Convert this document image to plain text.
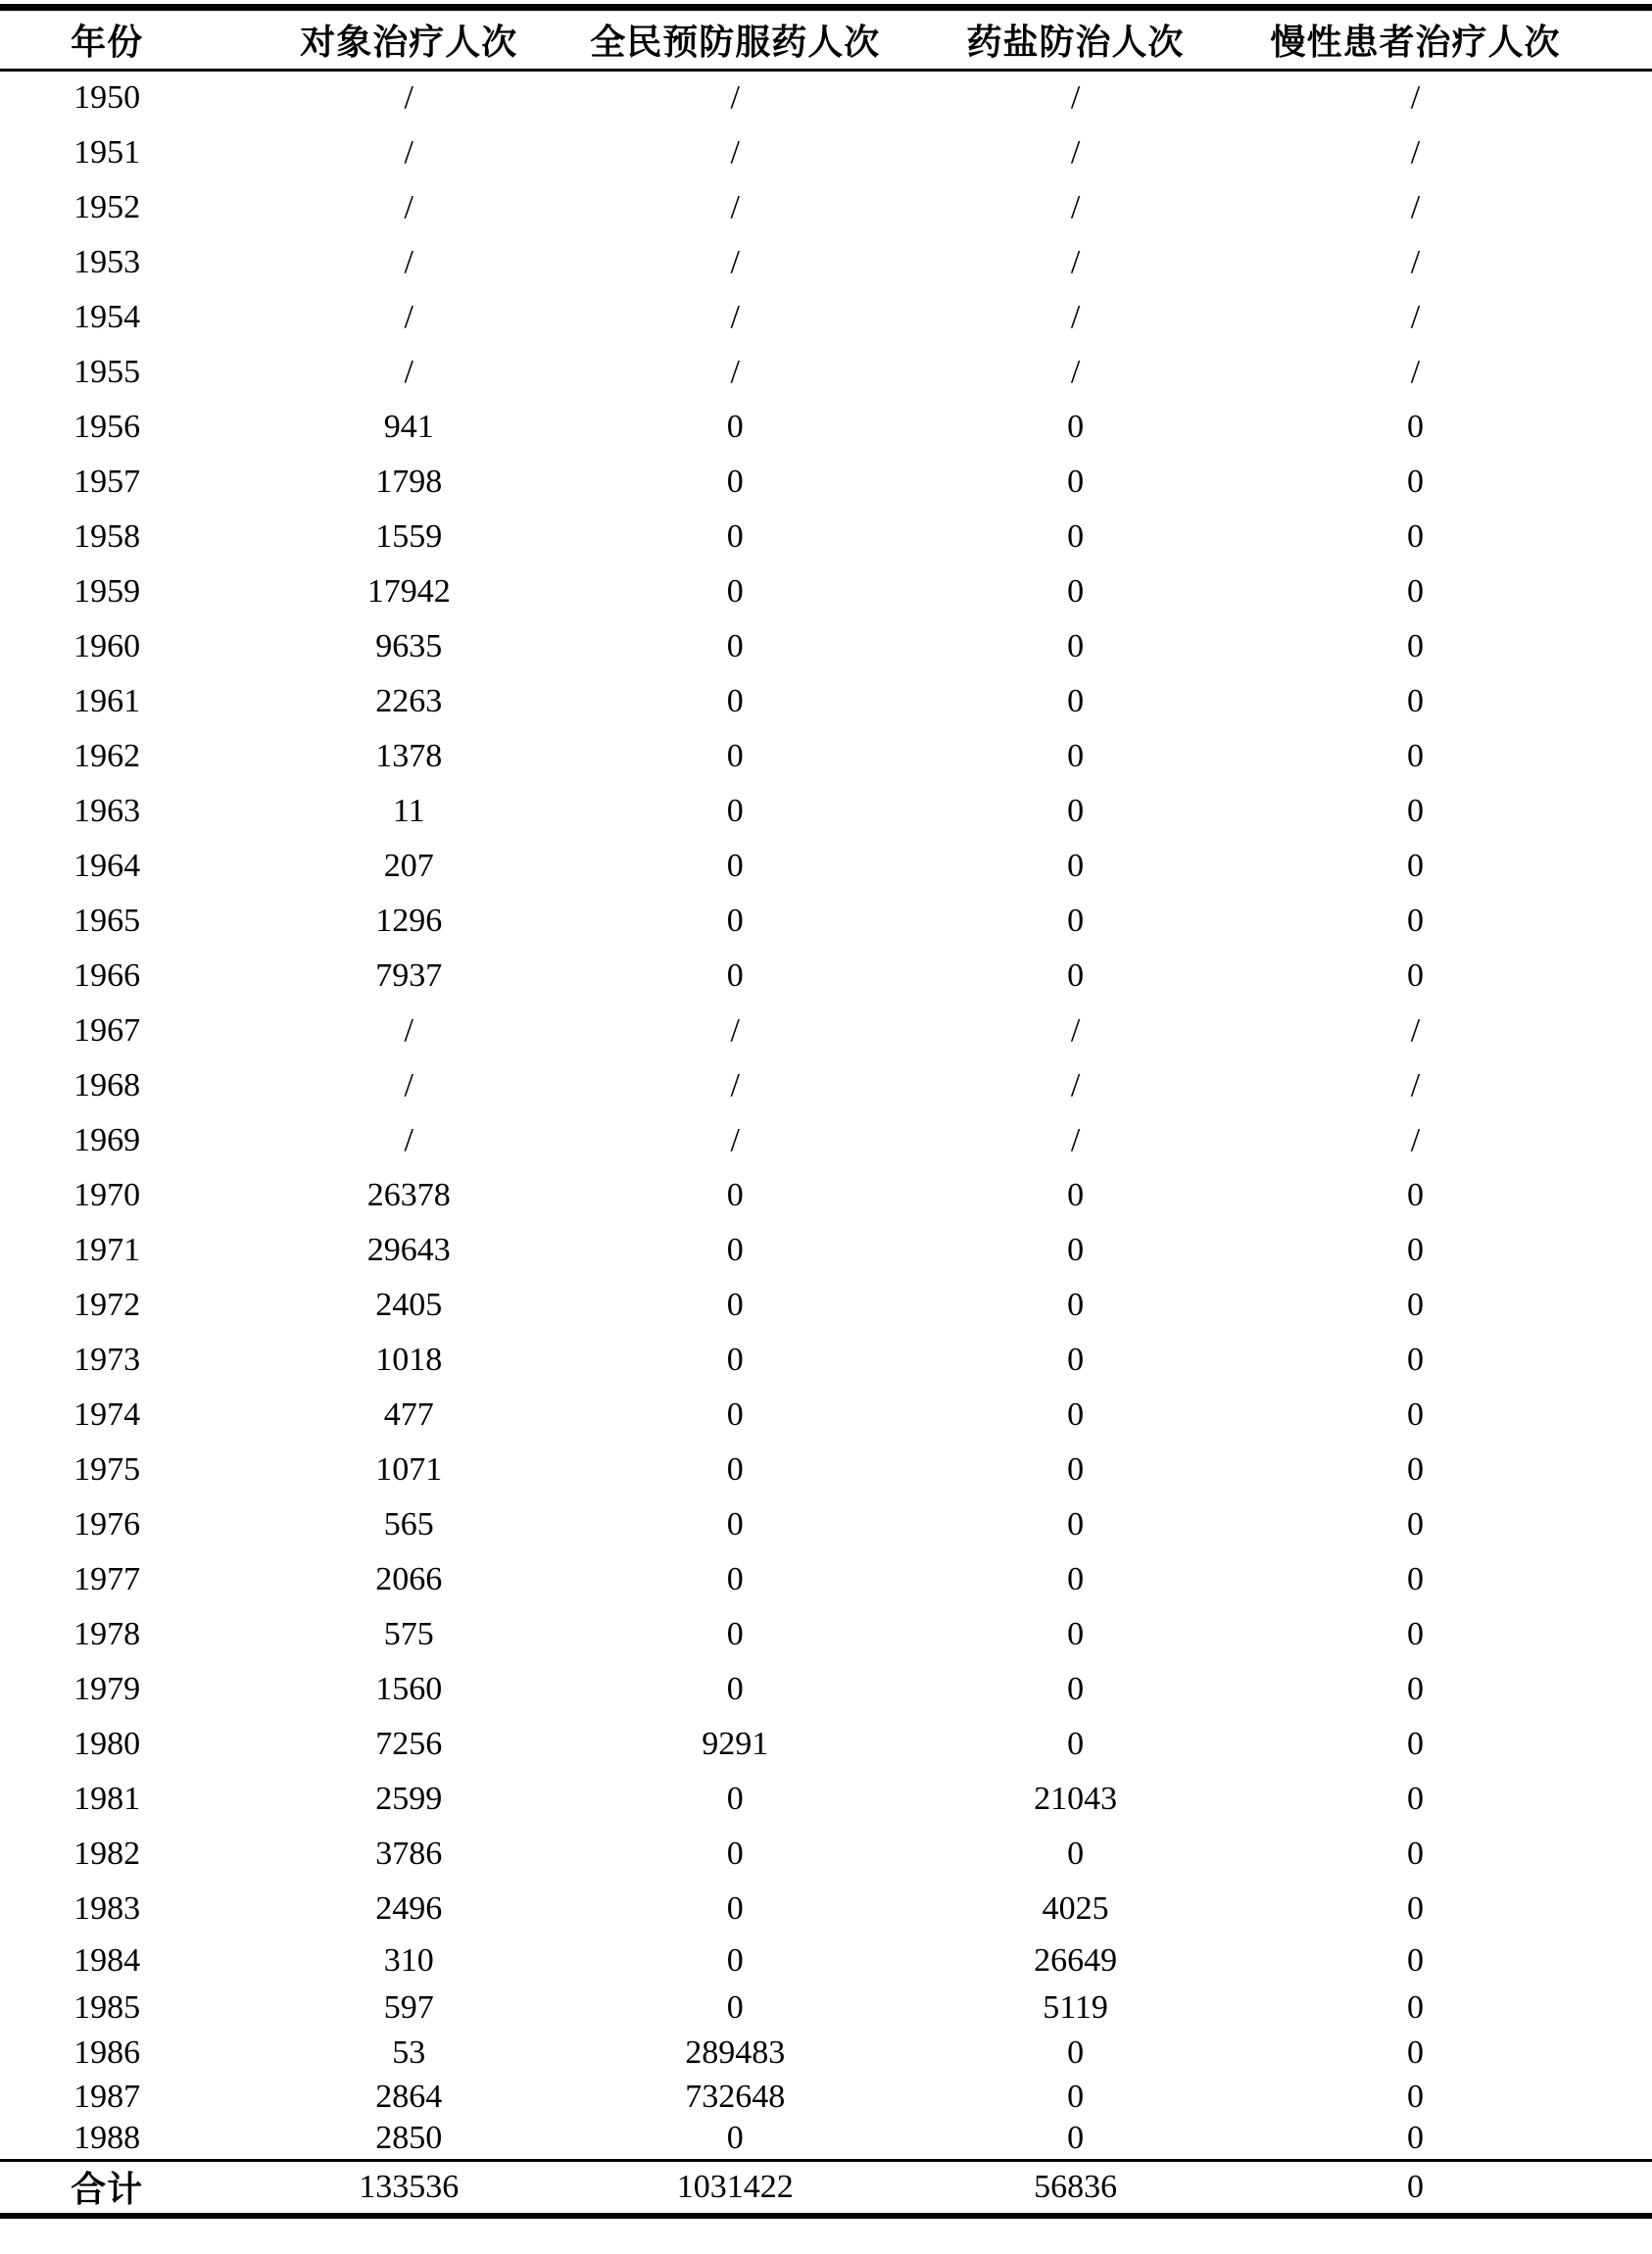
年份	对象治疗人次	全民预防服药人次	药盐防治人次	慢性患者治疗人次
1950	/	/	/	/
1951	/	/	/	/
1952	/	/	/	/
1953	/	/	/	/
1954	/	/	/	/
1955	/	/	/	/
1956	941	0	0	0
1957	1798	0	0	0
1958	1559	0	0	0
1959	17942	0	0	0
1960	9635	0	0	0
1961	2263	0	0	0
1962	1378	0	0	0
1963	11	0	0	0
1964	207	0	0	0
1965	1296	0	0	0
1966	7937	0	0	0
1967	/	/	/	/
1968	/	/	/	/
1969	/	/	/	/
1970	26378	0	0	0
1971	29643	0	0	0
1972	2405	0	0	0
1973	1018	0	0	0
1974	477	0	0	0
1975	1071	0	0	0
1976	565	0	0	0
1977	2066	0	0	0
1978	575	0	0	0
1979	1560	0	0	0
1980	7256	9291	0	0
1981	2599	0	21043	0
1982	3786	0	0	0
1983	2496	0	4025	0
1984	310	0	26649	0
1985	597	0	5119	0
1986	53	289483	0	0
1987	2864	732648	0	0
1988	2850	0	0	0
合计	133536	1031422	56836	0
